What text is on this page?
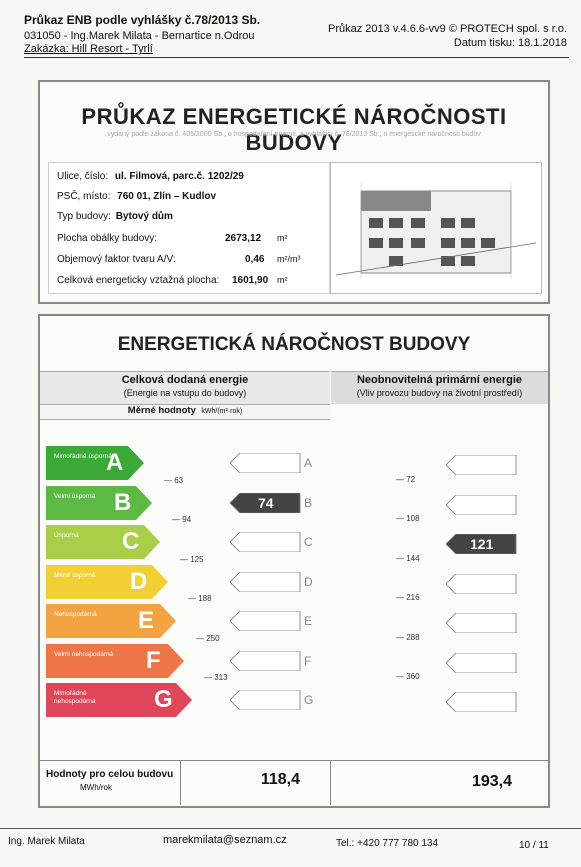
Průkaz ENB podle vyhlášky č.78/2013 Sb.
031050 - Ing.Marek Milata - Bernartice n.Odrou
Zakázka: Hill Resort - Tyrlí
Průkaz 2013 v.4.6.6-vv9 © PROTECH spol. s r.o.
Datum tisku: 18.1.2018
PRŮKAZ ENERGETICKÉ NÁROČNOSTI BUDOVY
vydaný podle zákona č. 406/2000 Sb., o hospodaření energií, a vyhlášky č. 78/2013 Sb., o energetické náročnosti budov
Ulice, číslo: ul. Filmová, parc.č. 1202/29
PSČ, místo: 760 01, Zlín – Kudlov
Typ budovy: Bytový dům
Plocha obálky budovy:	2673,12 m²
Objemový faktor tvaru A/V:	0,46 m²/m³
Celková energeticky vztažná plocha: 1601,90 m²
ENERGETICKÁ NÁROČNOST BUDOVY
Celková dodaná energie
(Energie na vstupu do budovy)
Neobnovitelná primární energie
(Vliv provozu budovy na životní prostředí)
Měrné hodnoty kWh/(m²·rok)
Mimořádně úsporná
A	A
Velmi úsporná B	74	B
Úsporná	C	C	121
Méně úsporná	D	D
Nehospodárná	E	E
Velmi nehospodárná F	F
Mimořádně nehospodárná	G	G
— 63
— 94
— 125
— 188
— 250
— 313
— 72
— 108
— 144
— 216
— 288
— 360
Hodnoty pro celou budovu
MWh/rok	118,4	193,4
Ing. Marek Milata	marekmilata@seznam.cz	Tel.: +420 777 780 134	10 / 11
